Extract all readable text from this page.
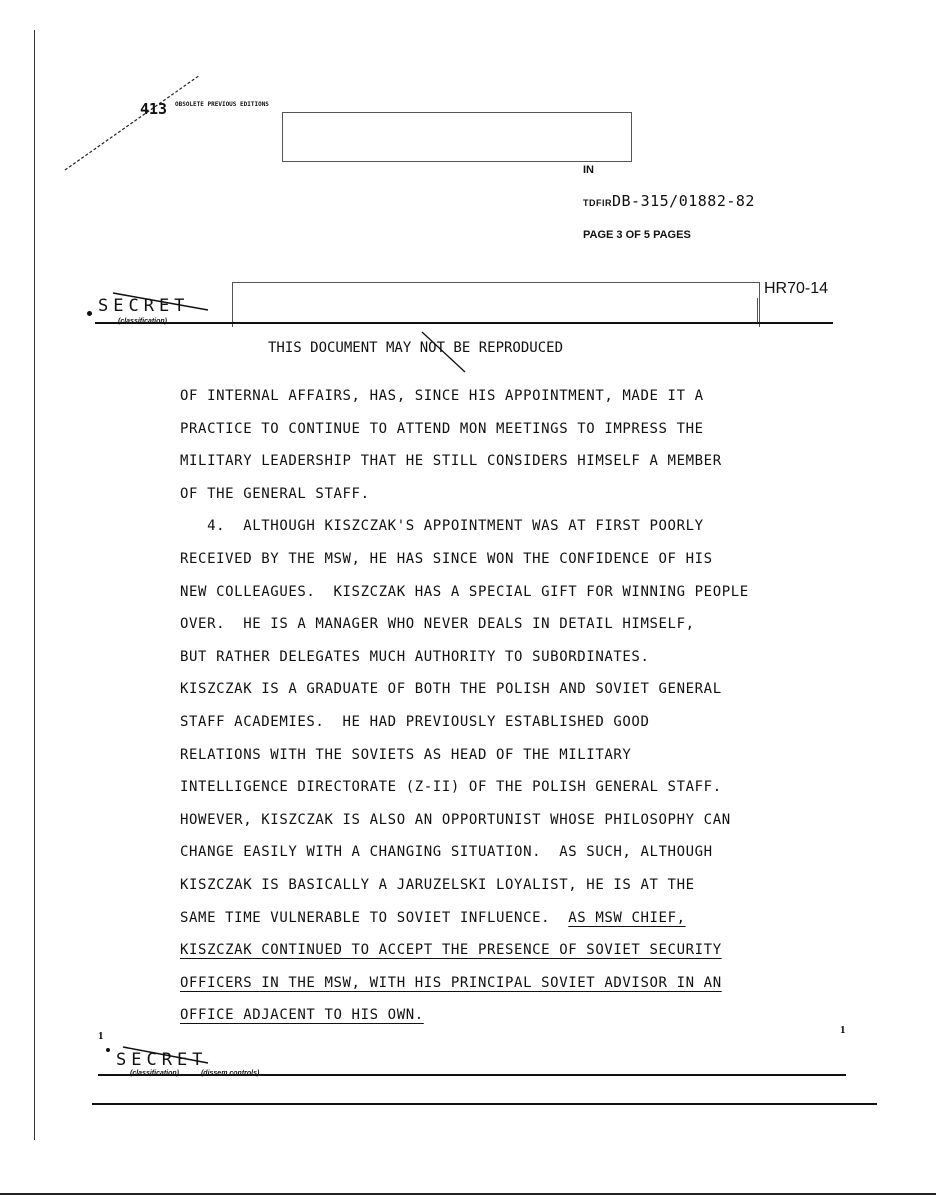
413 OBSOLETE PREVIOUS EDITIONS
IN
TDFIRDB-315/01882-82
PAGE 3 OF 5 PAGES
SECRET
HR70-14
THIS DOCUMENT MAY NOT BE REPRODUCED
OF INTERNAL AFFAIRS, HAS, SINCE HIS APPOINTMENT, MADE IT A
PRACTICE TO CONTINUE TO ATTEND MON MEETINGS TO IMPRESS THE
MILITARY LEADERSHIP THAT HE STILL CONSIDERS HIMSELF A MEMBER
OF THE GENERAL STAFF.
4.  ALTHOUGH KISZCZAK'S APPOINTMENT WAS AT FIRST POORLY
RECEIVED BY THE MSW, HE HAS SINCE WON THE CONFIDENCE OF HIS
NEW COLLEAGUES.  KISZCZAK HAS A SPECIAL GIFT FOR WINNING PEOPLE
OVER.  HE IS A MANAGER WHO NEVER DEALS IN DETAIL HIMSELF,
BUT RATHER DELEGATES MUCH AUTHORITY TO SUBORDINATES.
KISZCZAK IS A GRADUATE OF BOTH THE POLISH AND SOVIET GENERAL
STAFF ACADEMIES.  HE HAD PREVIOUSLY ESTABLISHED GOOD
RELATIONS WITH THE SOVIETS AS HEAD OF THE MILITARY
INTELLIGENCE DIRECTORATE (Z-II) OF THE POLISH GENERAL STAFF.
HOWEVER, KISZCZAK IS ALSO AN OPPORTUNIST WHOSE PHILOSOPHY CAN
CHANGE EASILY WITH A CHANGING SITUATION.  AS SUCH, ALTHOUGH
KISZCZAK IS BASICALLY A JARUZELSKI LOYALIST, HE IS AT THE
SAME TIME VULNERABLE TO SOVIET INFLUENCE. AS MSW CHIEF,
KISZCZAK CONTINUED TO ACCEPT THE PRESENCE OF SOVIET SECURITY
OFFICERS IN THE MSW, WITH HIS PRINCIPAL SOVIET ADVISOR IN AN
OFFICE ADJACENT TO HIS OWN.
1	1
SECRET
